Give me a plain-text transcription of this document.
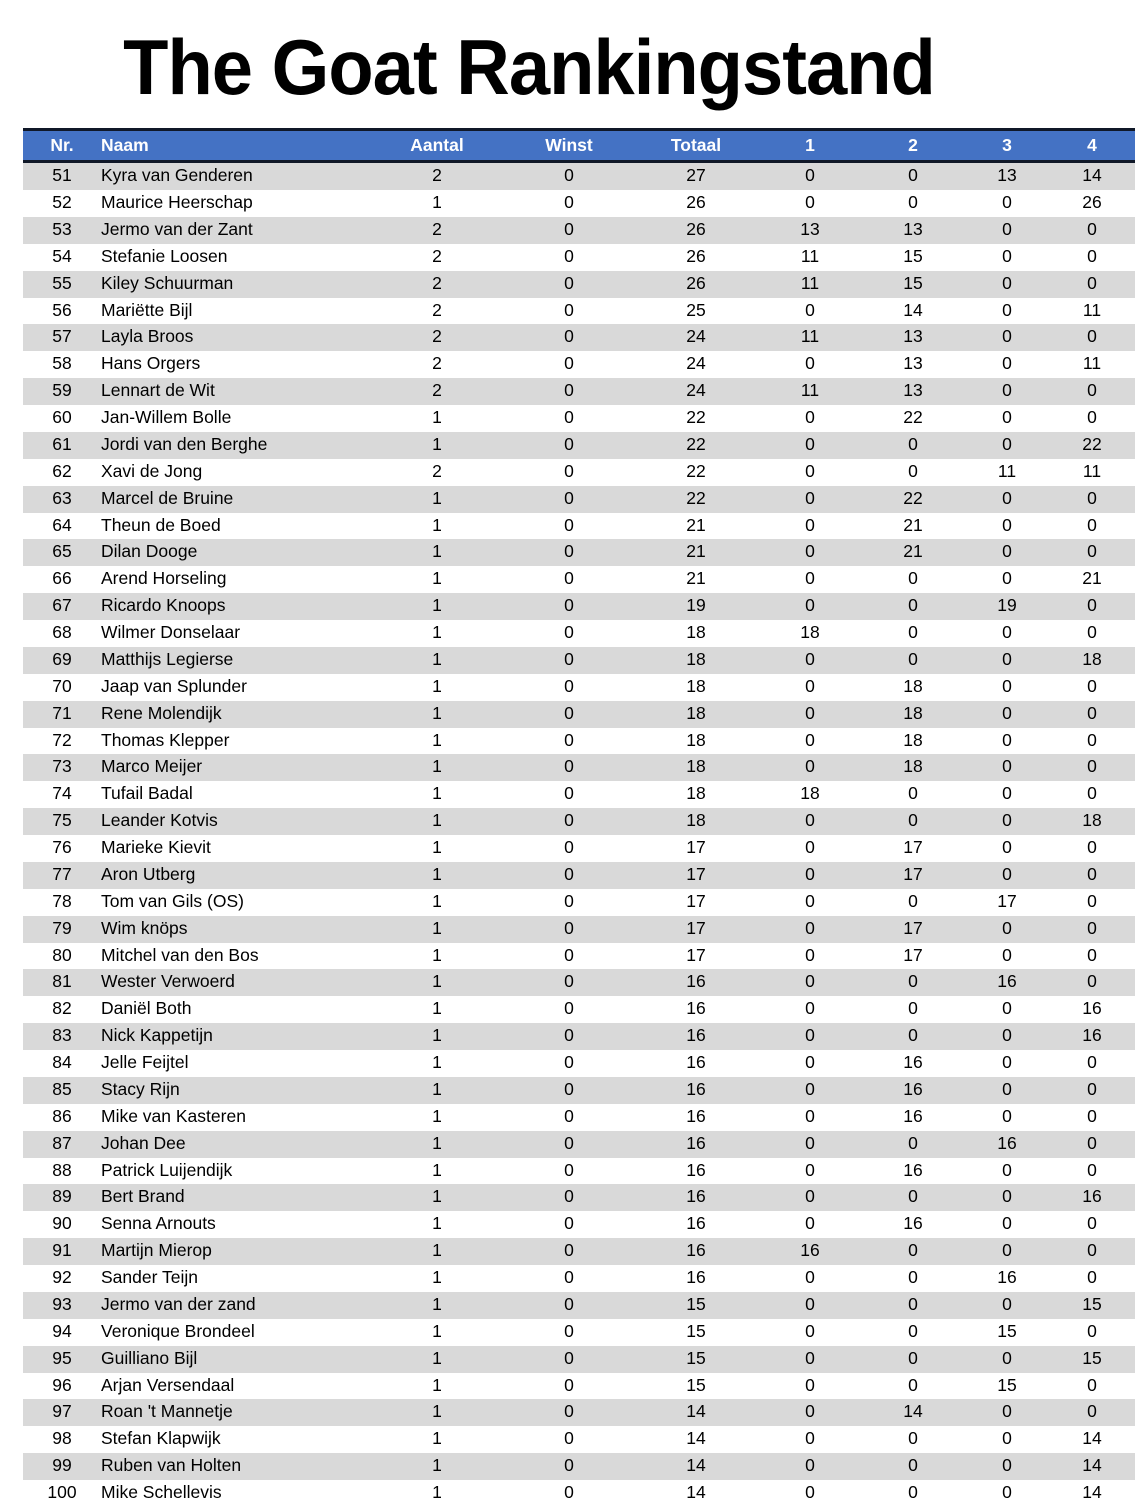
The Goat Rankingstand
Nr.	Naam	Aantal	Winst	Totaal	1	2	3	4
51	Kyra van Genderen	2	0	27	0	0	13	14
52	Maurice Heerschap	1	0	26	0	0	0	26
53	Jermo van der Zant	2	0	26	13	13	0	0
54	Stefanie Loosen	2	0	26	11	15	0	0
55	Kiley Schuurman	2	0	26	11	15	0	0
56	Mariëtte Bijl	2	0	25	0	14	0	11
57	Layla Broos	2	0	24	11	13	0	0
58	Hans Orgers	2	0	24	0	13	0	11
59	Lennart de Wit	2	0	24	11	13	0	0
60	Jan-Willem Bolle	1	0	22	0	22	0	0
61	Jordi van den Berghe	1	0	22	0	0	0	22
62	Xavi de Jong	2	0	22	0	0	11	11
63	Marcel de Bruine	1	0	22	0	22	0	0
64	Theun de Boed	1	0	21	0	21	0	0
65	Dilan Dooge	1	0	21	0	21	0	0
66	Arend Horseling	1	0	21	0	0	0	21
67	Ricardo Knoops	1	0	19	0	0	19	0
68	Wilmer Donselaar	1	0	18	18	0	0	0
69	Matthijs Legierse	1	0	18	0	0	0	18
70	Jaap van Splunder	1	0	18	0	18	0	0
71	Rene Molendijk	1	0	18	0	18	0	0
72	Thomas Klepper	1	0	18	0	18	0	0
73	Marco Meijer	1	0	18	0	18	0	0
74	Tufail Badal	1	0	18	18	0	0	0
75	Leander Kotvis	1	0	18	0	0	0	18
76	Marieke Kievit	1	0	17	0	17	0	0
77	Aron Utberg	1	0	17	0	17	0	0
78	Tom van Gils (OS)	1	0	17	0	0	17	0
79	Wim knöps	1	0	17	0	17	0	0
80	Mitchel van den Bos	1	0	17	0	17	0	0
81	Wester Verwoerd	1	0	16	0	0	16	0
82	Daniël Both	1	0	16	0	0	0	16
83	Nick Kappetijn	1	0	16	0	0	0	16
84	Jelle Feijtel	1	0	16	0	16	0	0
85	Stacy Rijn	1	0	16	0	16	0	0
86	Mike van Kasteren	1	0	16	0	16	0	0
87	Johan Dee	1	0	16	0	0	16	0
88	Patrick Luijendijk	1	0	16	0	16	0	0
89	Bert Brand	1	0	16	0	0	0	16
90	Senna Arnouts	1	0	16	0	16	0	0
91	Martijn Mierop	1	0	16	16	0	0	0
92	Sander Teijn	1	0	16	0	0	16	0
93	Jermo van der zand	1	0	15	0	0	0	15
94	Veronique Brondeel	1	0	15	0	0	15	0
95	Guilliano Bijl	1	0	15	0	0	0	15
96	Arjan Versendaal	1	0	15	0	0	15	0
97	Roan 't Mannetje	1	0	14	0	14	0	0
98	Stefan Klapwijk	1	0	14	0	0	0	14
99	Ruben van Holten	1	0	14	0	0	0	14
100	Mike Schellevis	1	0	14	0	0	0	14
